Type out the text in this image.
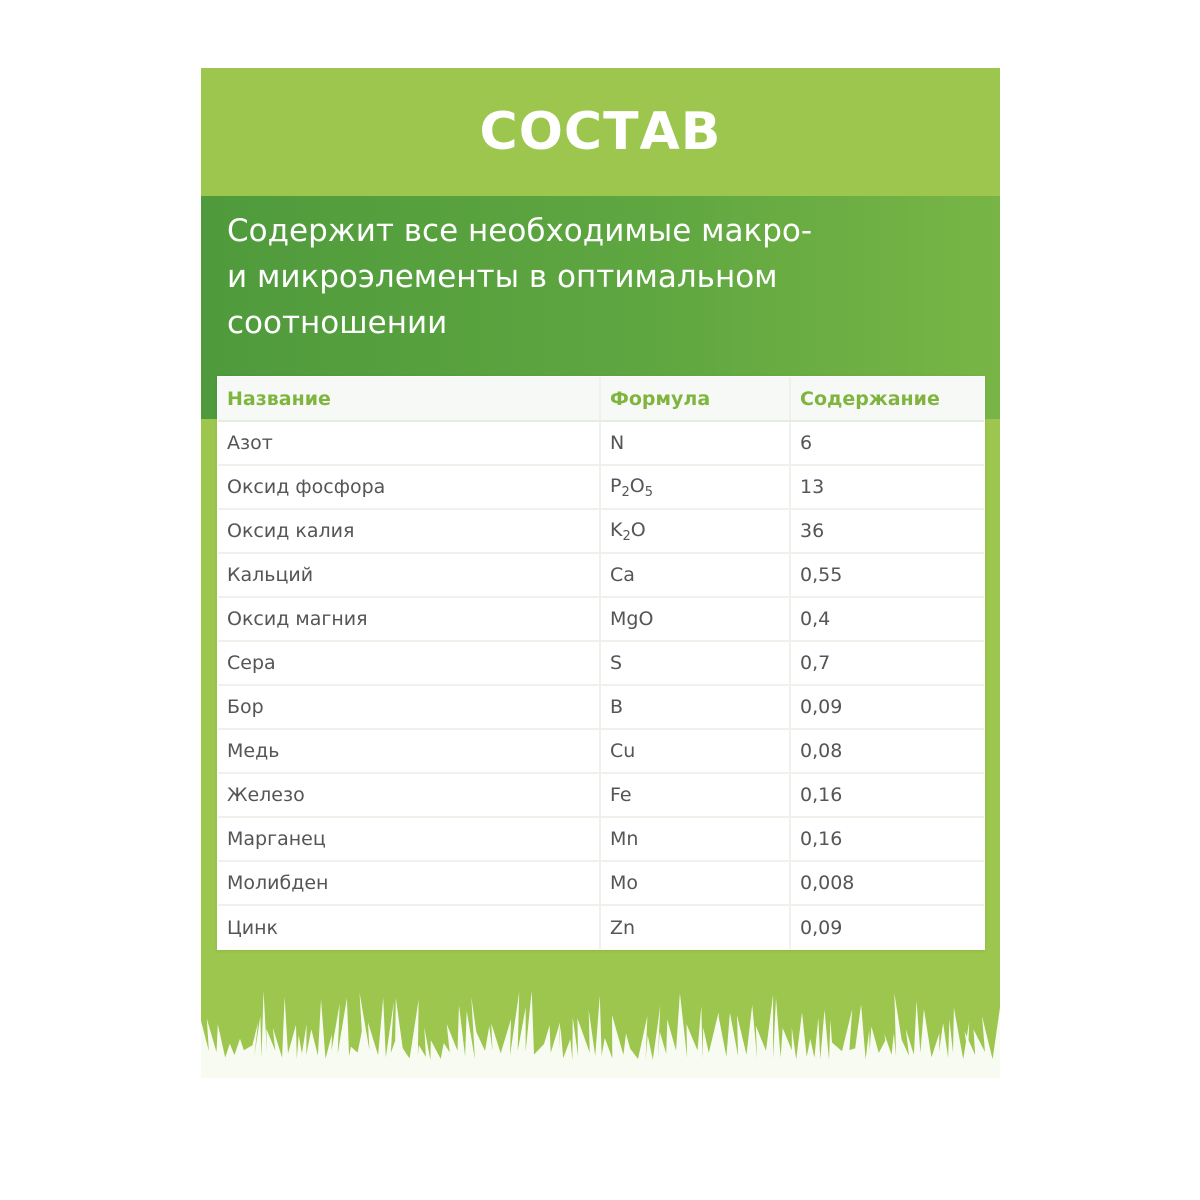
СОСТАВ
Содержит все необходимые макро-
и микроэлементы в оптимальном
соотношении
Название	Формула	Содержание
Азот	N	6
Оксид фосфора	$P_2O_5$	13
Оксид калия	$K_2O$	36
Кальций	Ca	0,55
Оксид магния	MgO	0,4
Сера	S	0,7
Бор	B	0,09
Медь	Cu	0,08
Железо	Fe	0,16
Марганец	Mn	0,16
Молибден	Mo	0,008
Цинк	Zn	0,09
